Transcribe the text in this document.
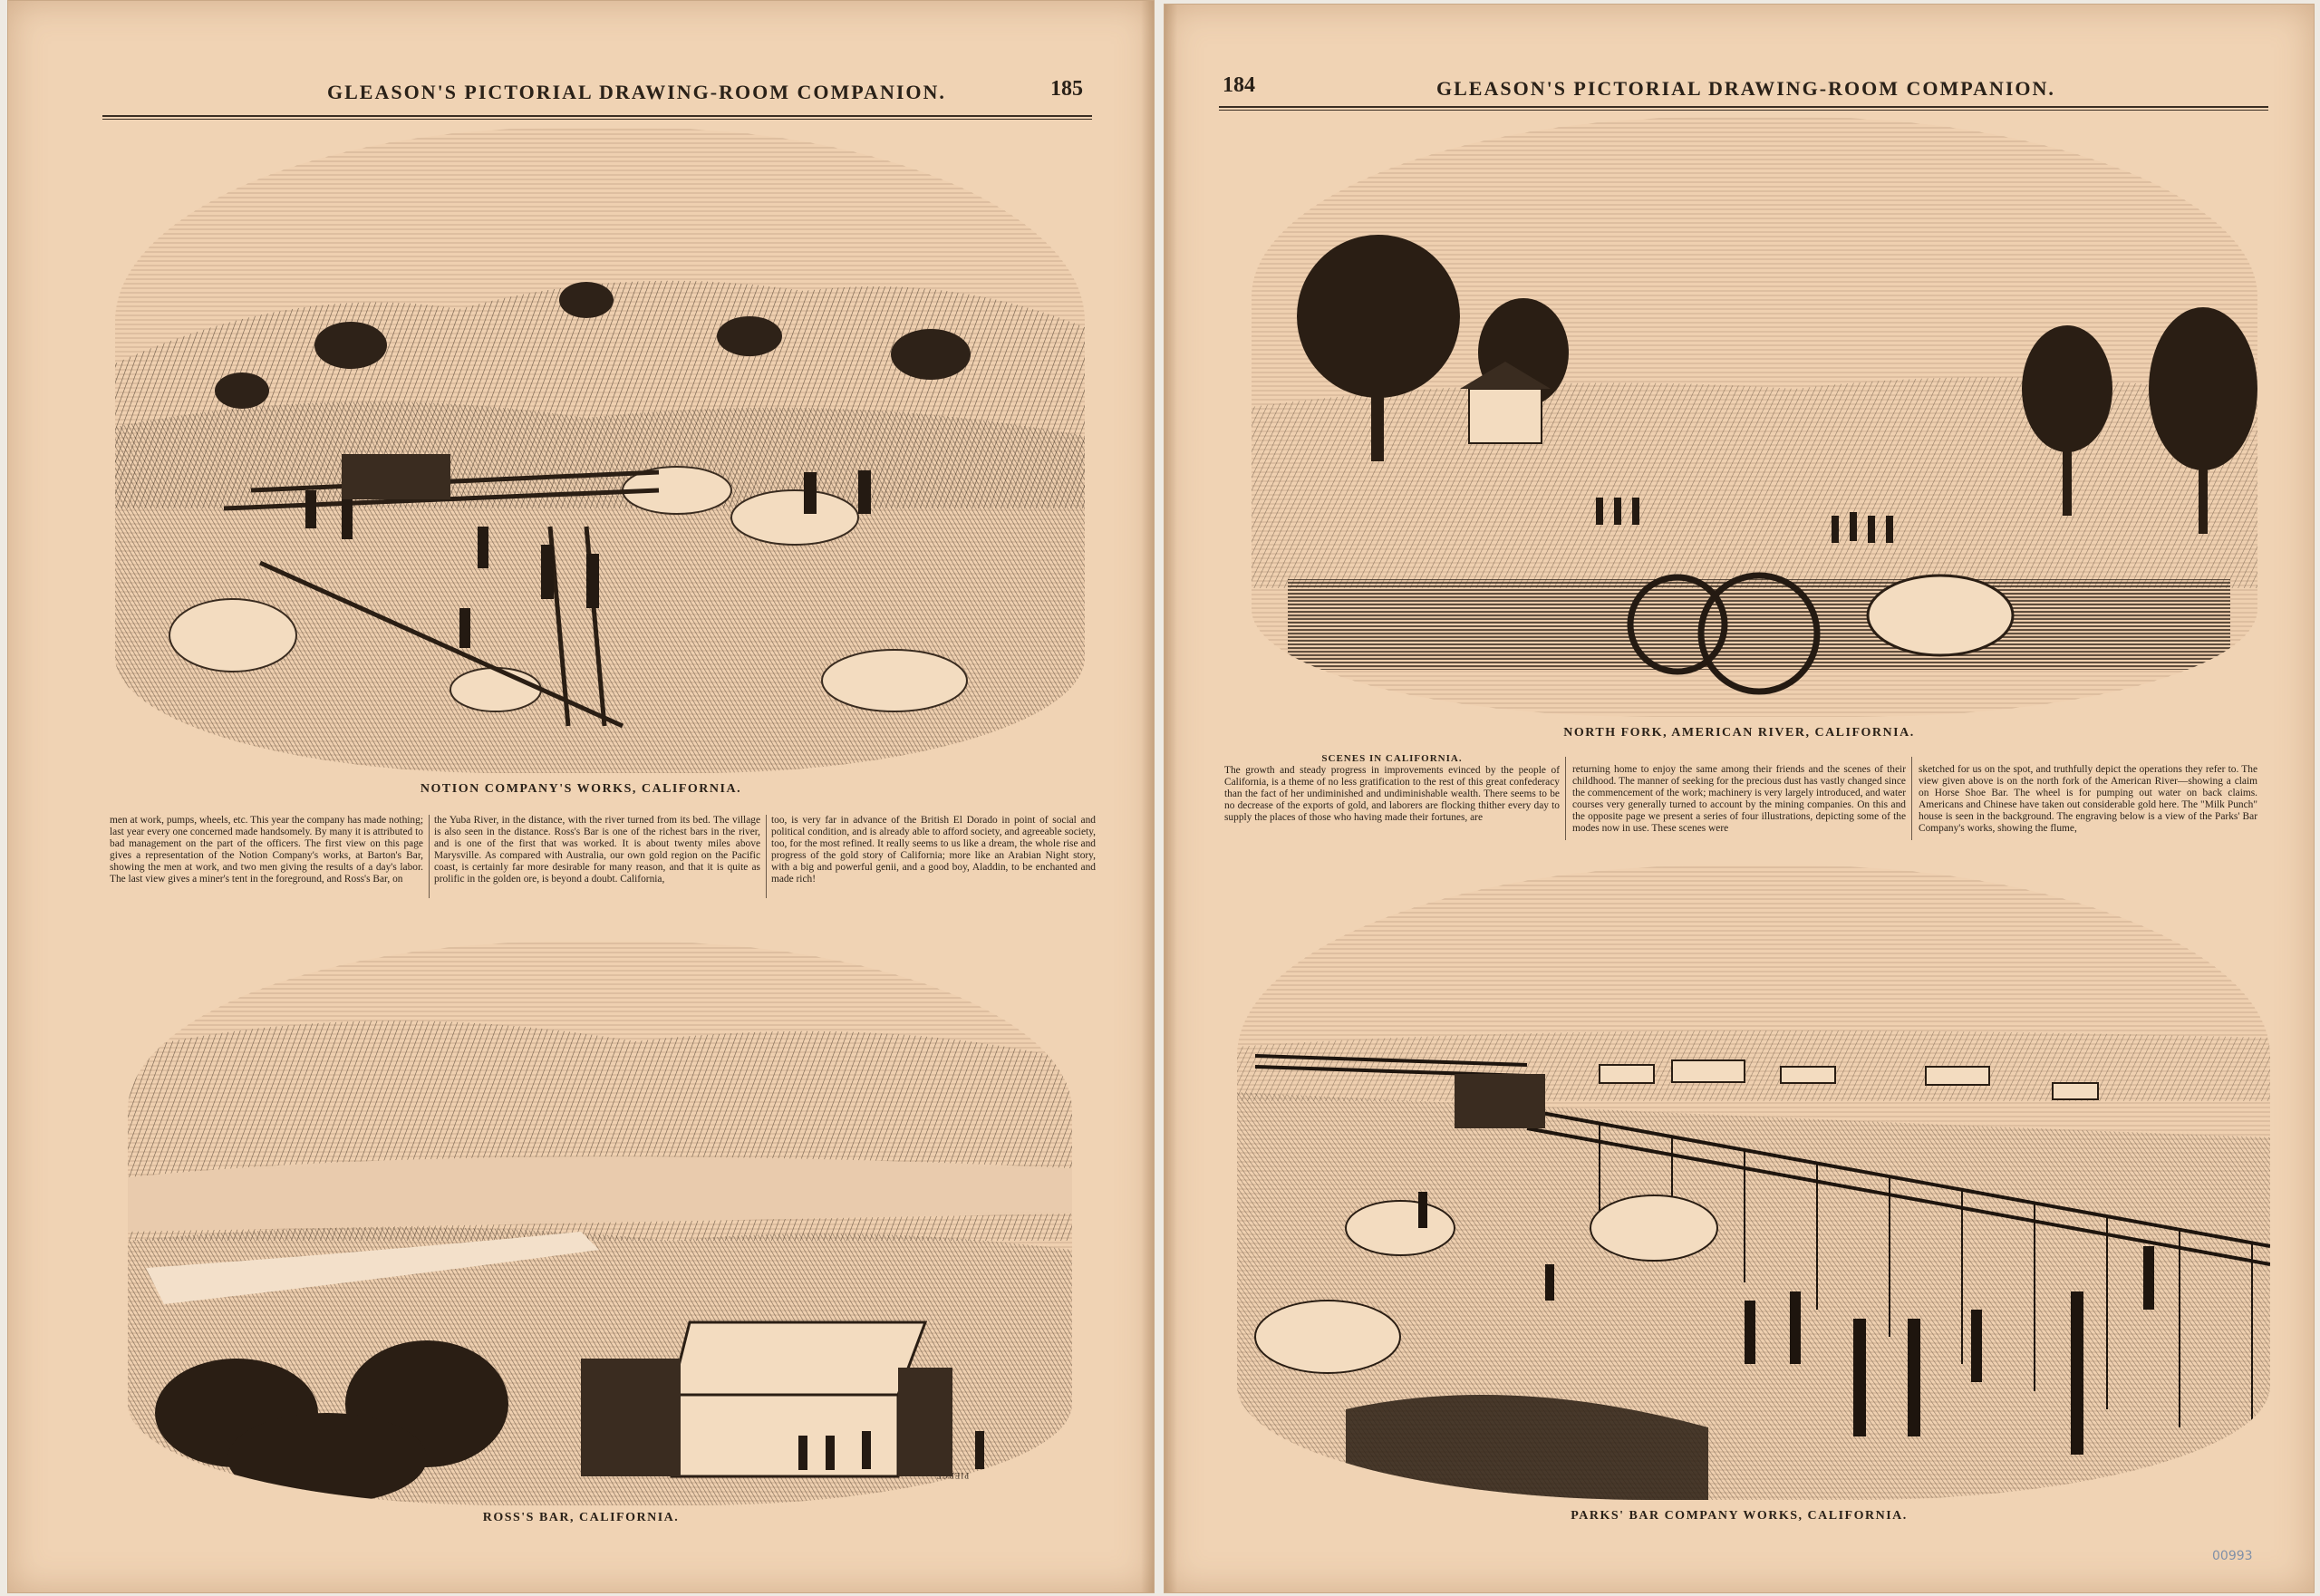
GLEASON'S PICTORIAL DRAWING-ROOM COMPANION.	185
NOTION COMPANY'S WORKS, CALIFORNIA.
men at work, pumps, wheels, etc. This year the company has made nothing; last year every one concerned made handsomely. By many it is attributed to bad management on the part of the officers. The first view on this page gives a representation of the Notion Company's works, at Barton's Bar, showing the men at work, and two men giving the results of a day's labor. The last view gives a miner's tent in the foreground, and Ross's Bar, on
the Yuba River, in the distance, with the river turned from its bed. The village is also seen in the distance. Ross's Bar is one of the richest bars in the river, and is one of the first that was worked. It is about twenty miles above Marysville. As compared with Australia, our own gold region on the Pacific coast, is certainly far more desirable for many reason, and that it is quite as prolific in the golden ore, is beyond a doubt. California,
too, is very far in advance of the British El Dorado in point of social and political condition, and is already able to afford society, and agreeable society, too, for the most refined. It really seems to us like a dream, the whole rise and progress of the gold story of California; more like an Arabian Night story, with a big and powerful genii, and a good boy, Aladdin, to be enchanted and made rich!
PIERCE.
ROSS'S BAR, CALIFORNIA.
184	GLEASON'S PICTORIAL DRAWING-ROOM COMPANION.
NORTH FORK, AMERICAN RIVER, CALIFORNIA.
SCENES IN CALIFORNIA.
The growth and steady progress in improvements evinced by the people of California, is a theme of no less gratification to the rest of this great confederacy than the fact of her undiminished and undiminishable wealth. There seems to be no decrease of the exports of gold, and laborers are flocking thither every day to supply the places of those who having made their fortunes, are
returning home to enjoy the same among their friends and the scenes of their childhood. The manner of seeking for the precious dust has vastly changed since the commencement of the work; machinery is very largely introduced, and water courses very generally turned to account by the mining companies. On this and the opposite page we present a series of four illustrations, depicting some of the modes now in use. These scenes were
sketched for us on the spot, and truthfully depict the operations they refer to. The view given above is on the north fork of the American River—showing a claim on Horse Shoe Bar. The wheel is for pumping out water on back claims. Americans and Chinese have taken out considerable gold here. The "Milk Punch" house is seen in the background. The engraving below is a view of the Parks' Bar Company's works, showing the flume,
PARKS' BAR COMPANY WORKS, CALIFORNIA.
00993
